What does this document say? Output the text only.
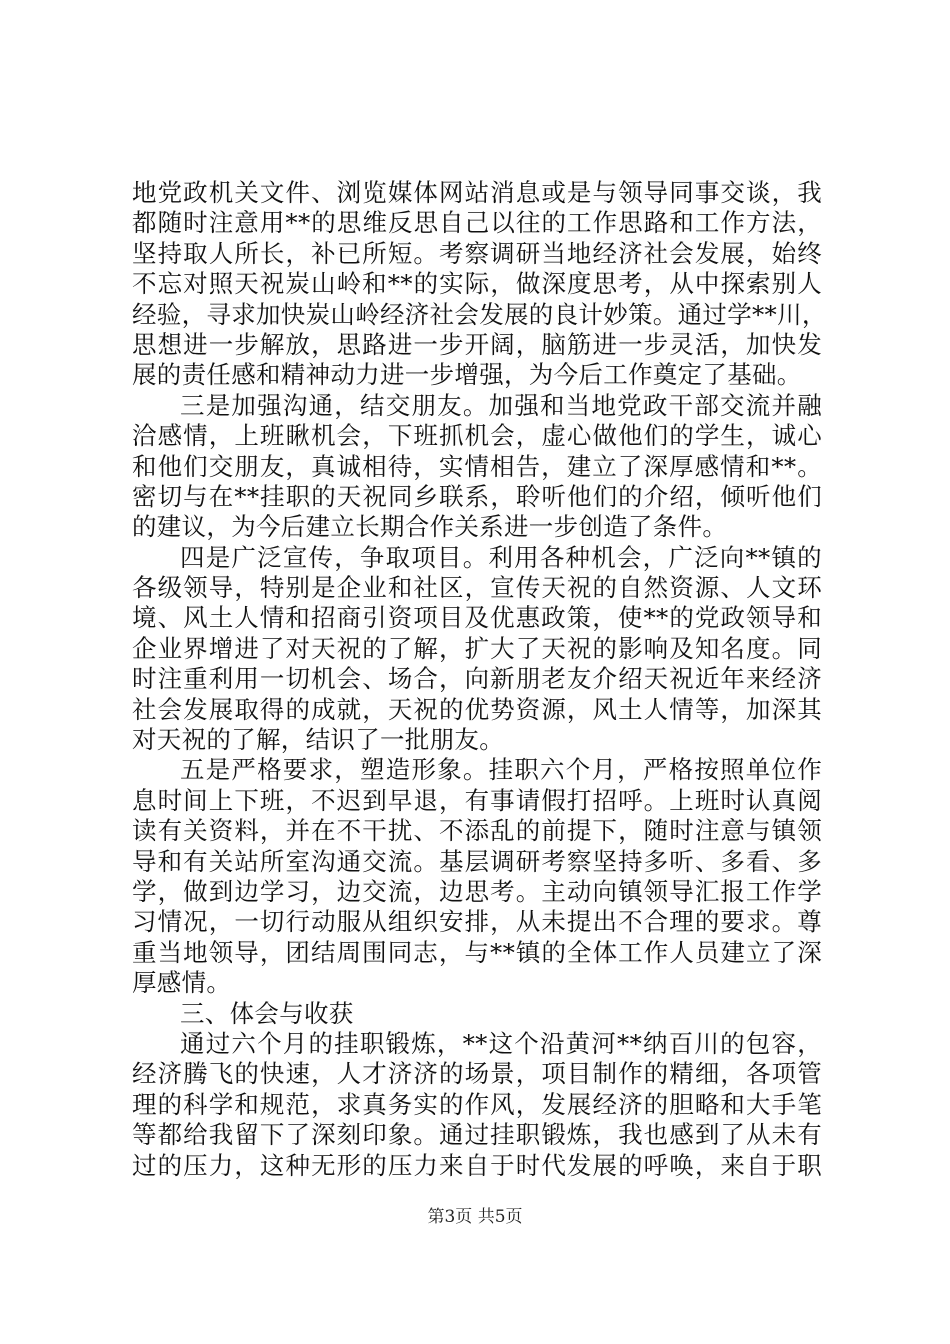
地党政机关文件、浏览媒体网站消息或是与领导同事交谈，我
都随时注意用**的思维反思自己以往的工作思路和工作方法，
坚持取人所长，补已所短。考察调研当地经济社会发展，始终
不忘对照天祝炭山岭和**的实际，做深度思考，从中探索别人
经验，寻求加快炭山岭经济社会发展的良计妙策。通过学**川，
思想进一步解放，思路进一步开阔，脑筋进一步灵活，加快发
展的责任感和精神动力进一步增强，为今后工作奠定了基础。
三是加强沟通，结交朋友。加强和当地党政干部交流并融
洽感情，上班瞅机会，下班抓机会，虚心做他们的学生，诚心
和他们交朋友，真诚相待，实情相告，建立了深厚感情和**。
密切与在**挂职的天祝同乡联系，聆听他们的介绍，倾听他们
的建议，为今后建立长期合作关系进一步创造了条件。
四是广泛宣传，争取项目。利用各种机会，广泛向**镇的
各级领导，特别是企业和社区，宣传天祝的自然资源、人文环
境、风土人情和招商引资项目及优惠政策，使**的党政领导和
企业界增进了对天祝的了解，扩大了天祝的影响及知名度。同
时注重利用一切机会、场合，向新朋老友介绍天祝近年来经济
社会发展取得的成就，天祝的优势资源，风土人情等，加深其
对天祝的了解，结识了一批朋友。
五是严格要求，塑造形象。挂职六个月，严格按照单位作
息时间上下班，不迟到早退，有事请假打招呼。上班时认真阅
读有关资料，并在不干扰、不添乱的前提下，随时注意与镇领
导和有关站所室沟通交流。基层调研考察坚持多听、多看、多
学，做到边学习，边交流，边思考。主动向镇领导汇报工作学
习情况，一切行动服从组织安排，从未提出不合理的要求。尊
重当地领导，团结周围同志，与**镇的全体工作人员建立了深
厚感情。
三、体会与收获
通过六个月的挂职锻炼，**这个沿黄河**纳百川的包容，
经济腾飞的快速，人才济济的场景，项目制作的精细，各项管
理的科学和规范，求真务实的作风，发展经济的胆略和大手笔
等都给我留下了深刻印象。通过挂职锻炼，我也感到了从未有
过的压力，这种无形的压力来自于时代发展的呼唤，来自于职
第3页 共5页
